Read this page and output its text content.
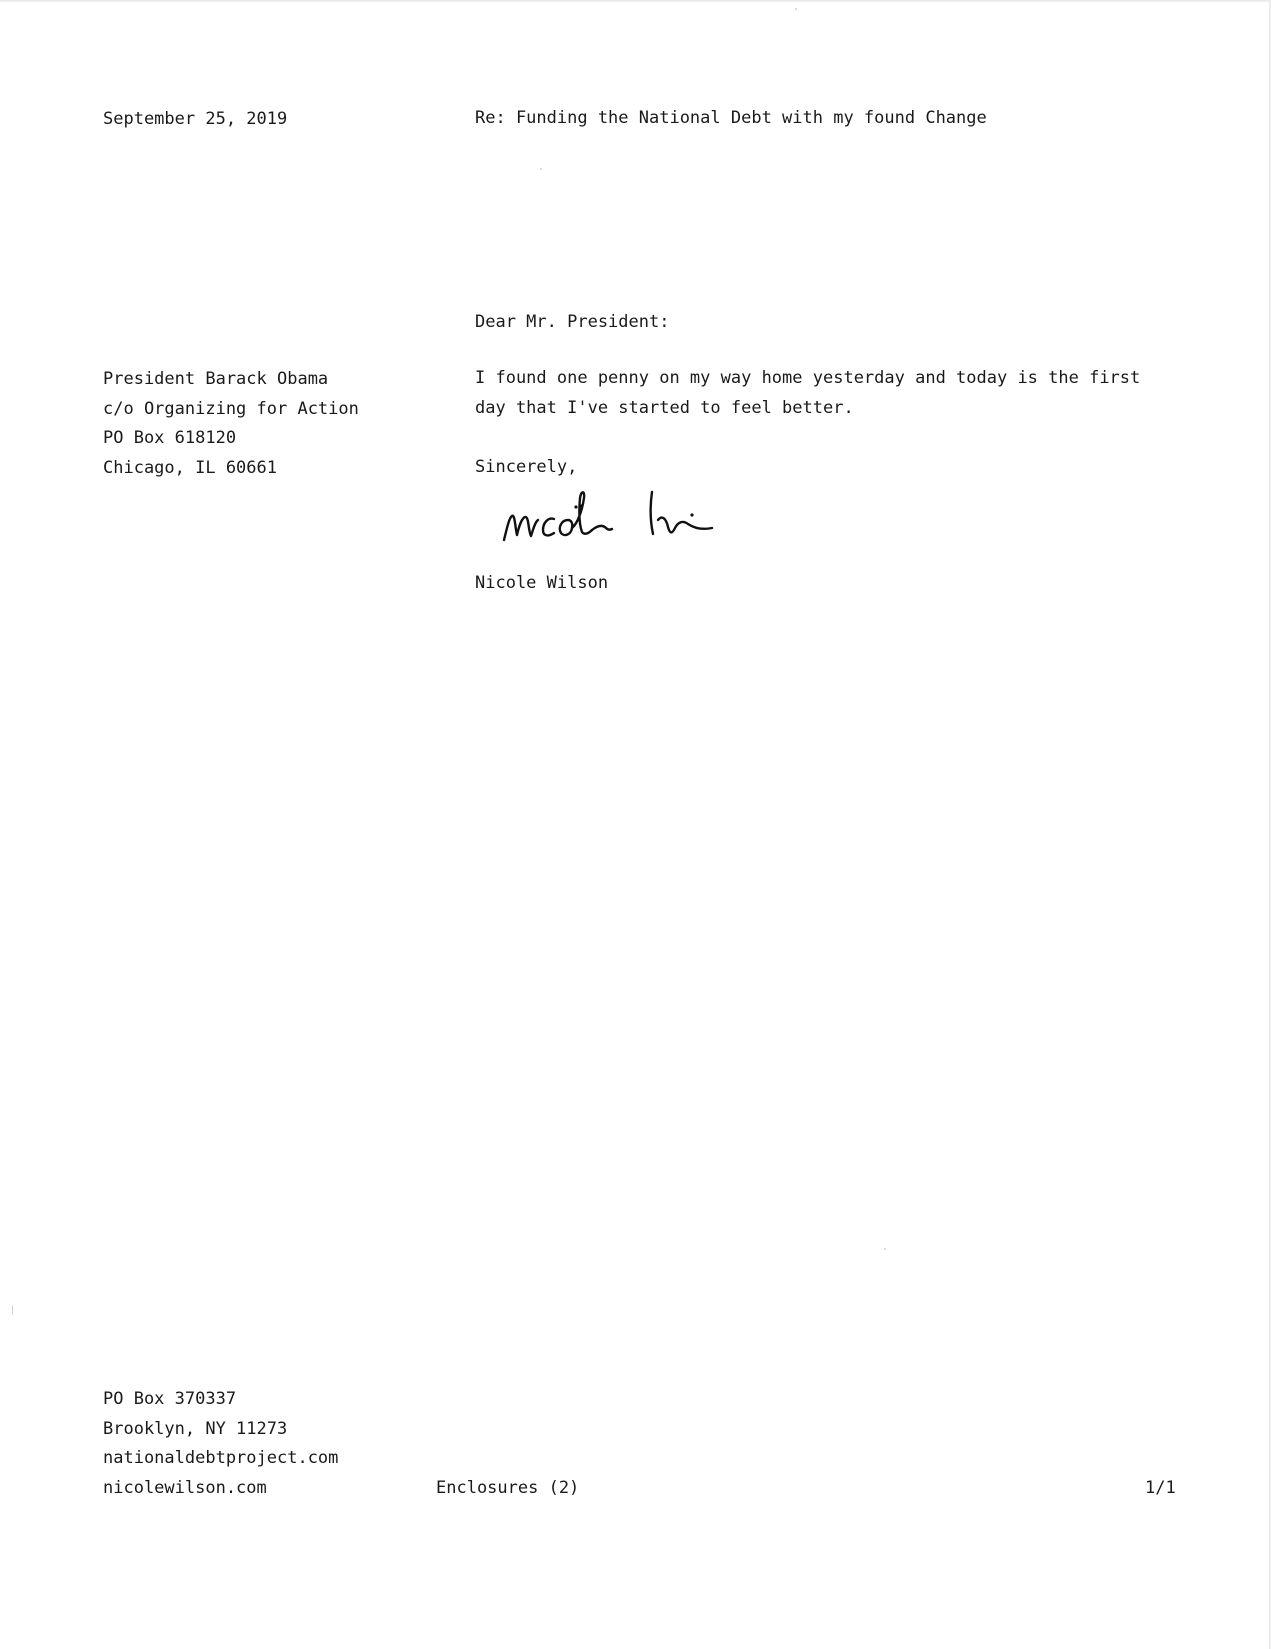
September 25, 2019	Re: Funding the National Debt with my found Change
Dear Mr. President:
President Barack Obama
c/o Organizing for Action
PO Box 618120
Chicago, IL 60661
I found one penny on my way home yesterday and today is the first
day that I've started to feel better.
Sincerely,
Nicole Wilson
PO Box 370337
Brooklyn, NY 11273
nationaldebtproject.com
nicolewilson.com	Enclosures (2)	1/1
